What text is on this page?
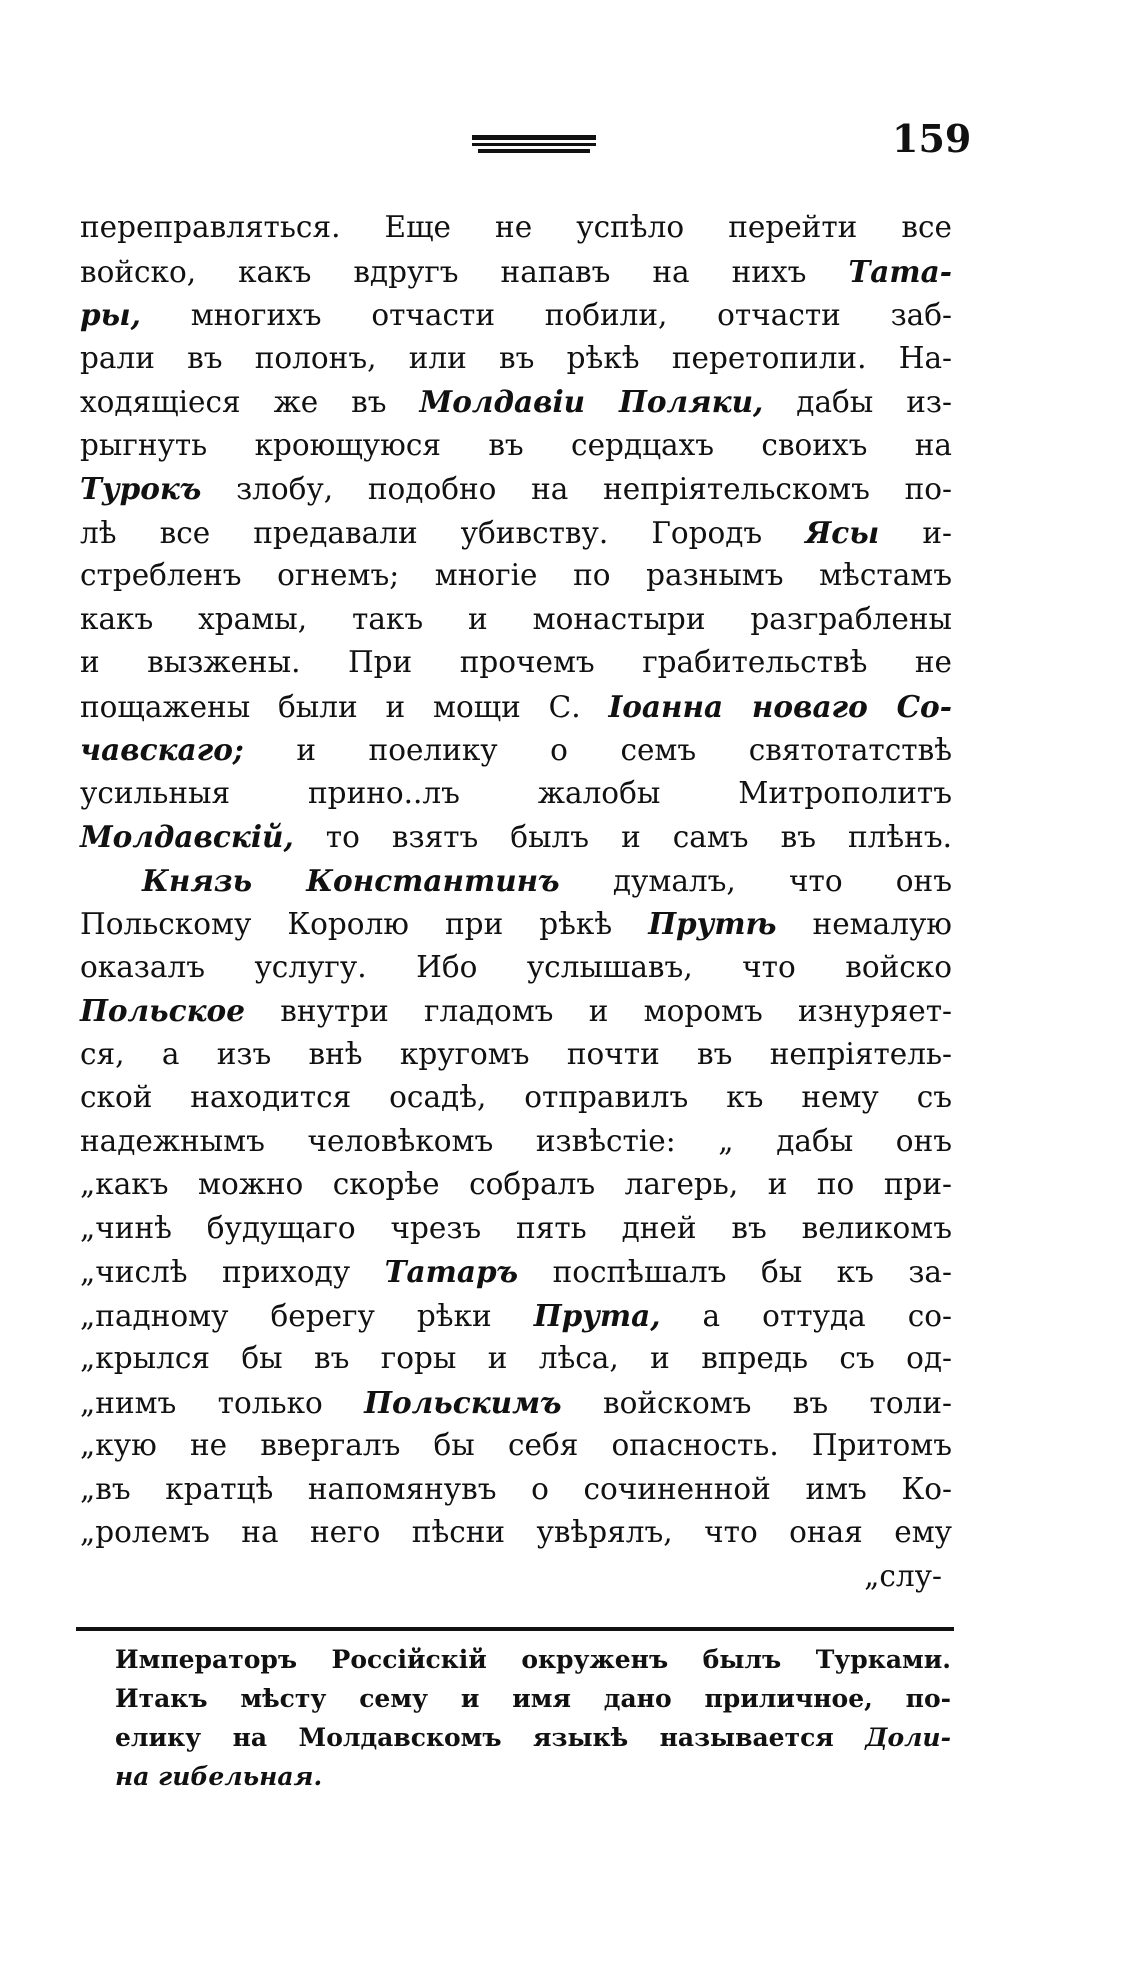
159
переправляться. Еще не успѣло перейти все
войско, какъ вдругъ напавъ на нихъ Тата-
ры, многихъ отчасти побили, отчасти заб-
рали въ полонъ, или въ рѣкѣ перетопили. На-
ходящіеся же въ Молдавіи Поляки, дабы из-
рыгнуть кроющуюся въ сердцахъ своихъ на
Турокъ злобу, подобно на непріятельскомъ по-
лѣ все предавали убивству. Городъ Ясы и-
стребленъ огнемъ; многіе по разнымъ мѣстамъ
какъ храмы, такъ и монастыри разграблены
и вызжены. При прочемъ грабительствѣ не
пощажены были и мощи С. Іоанна новаго Со-
чавскаго; и поелику о семъ святотатствѣ
усильныя прино..лъ жалобы Митрополитъ
Молдавскій, то взятъ былъ и самъ въ плѣнъ.
Князь Константинъ думалъ, что онъ
Польскому Королю при рѣкѣ Прутѣ немалую
оказалъ услугу. Ибо услышавъ, что войско
Польское внутри гладомъ и моромъ изнуряет-
ся, а изъ внѣ кругомъ почти въ непріятель-
ской находится осадѣ, отправилъ къ нему съ
надежнымъ человѣкомъ извѣстіе: „ дабы онъ
„какъ можно скорѣе собралъ лагерь, и по при-
„чинѣ будущаго чрезъ пять дней въ великомъ
„числѣ приходу Татаръ поспѣшалъ бы къ за-
„падному берегу рѣки Прута, а оттуда со-
„крылся бы въ горы и лѣса, и впредь съ од-
„нимъ только Польскимъ войскомъ въ толи-
„кую не ввергалъ бы себя опасность. Притомъ
„въ кратцѣ напомянувъ о сочиненной имъ Ко-
„ролемъ на него пѣсни увѣрялъ, что оная ему
„слу-
Императоръ Россійскій окруженъ былъ Турками.
Итакъ мѣсту сему и имя дано приличное, по-
елику на Молдавскомъ языкѣ называется Доли-
на гибельная.
